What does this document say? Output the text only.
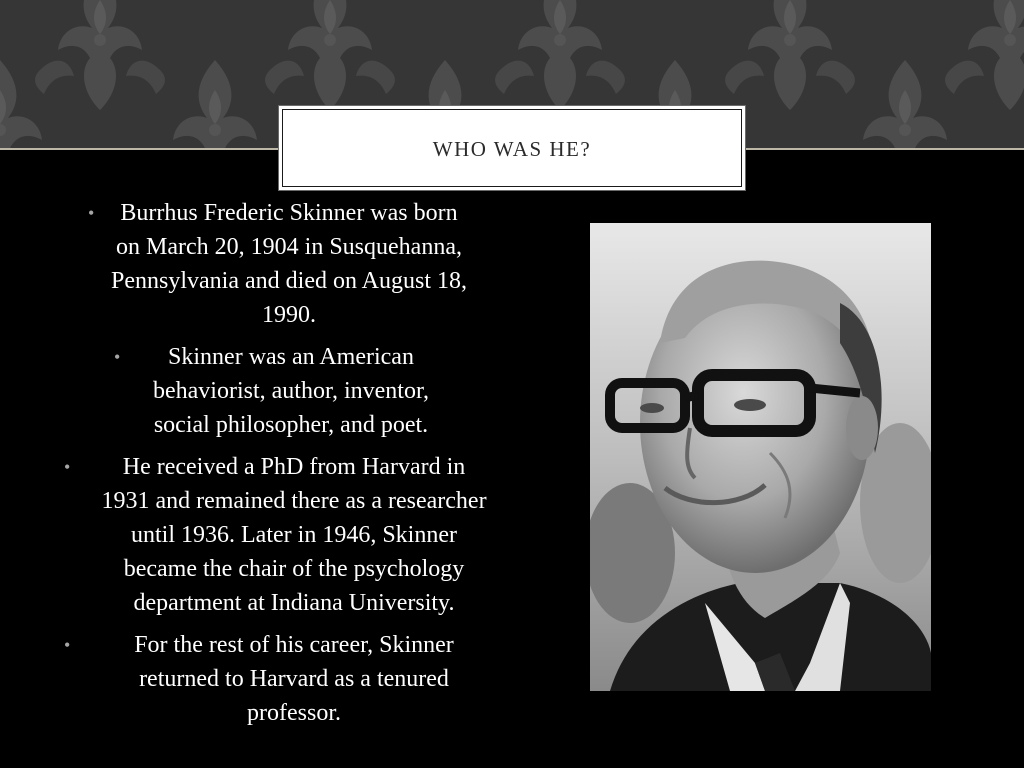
WHO WAS HE?
• Burrhus Frederic Skinner was born on March 20, 1904 in Susquehanna, Pennsylvania and died on August 18, 1990.
• Skinner was an American behaviorist, author, inventor, social philosopher, and poet.
• He received a PhD from Harvard in 1931 and remained there as a researcher until 1936. Later in 1946, Skinner became the chair of the psychology department at Indiana University.
•	For the rest of his career, Skinner returned to Harvard as a tenured professor.
